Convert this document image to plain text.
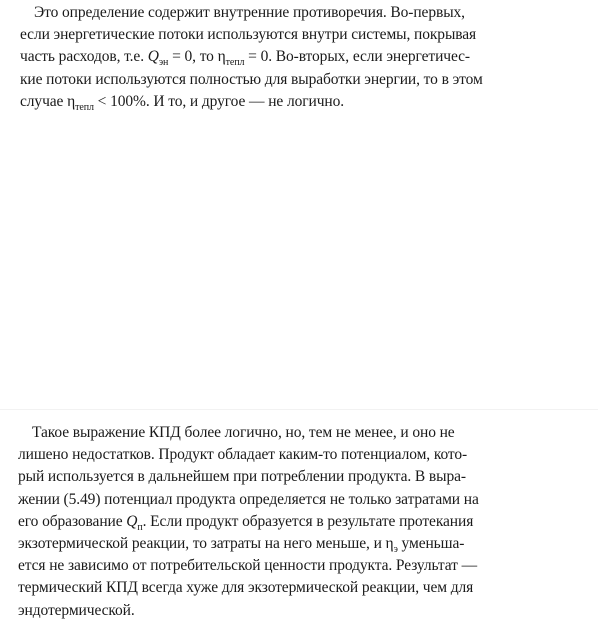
Это определение содержит внутренние противоречия. Во-первых,
если энергетические потоки используются внутри системы, покрывая
часть расходов, т.е. $Q_{эн} = 0$, то $\eta_{тепл} = 0$. Во-вторых, если энергетичес-
кие потоки используются полностью для выработки энергии, то в этом
случае $\eta_{тепл} < 100\%$. И то, и другое — не логично.

Такое выражение КПД более логично, но, тем не менее, и оно не
лишено недостатков. Продукт обладает каким-то потенциалом, кото-
рый используется в дальнейшем при потреблении продукта. В выра-
жении (5.49) потенциал продукта определяется не только затратами на
его образование $Q_п$. Если продукт образуется в результате протекания
экзотермической реакции, то затраты на него меньше, и $\eta_э$ уменьша-
ется не зависимо от потребительской ценности продукта. Результат —
термический КПД всегда хуже для экзотермической реакции, чем для
эндотермической.
